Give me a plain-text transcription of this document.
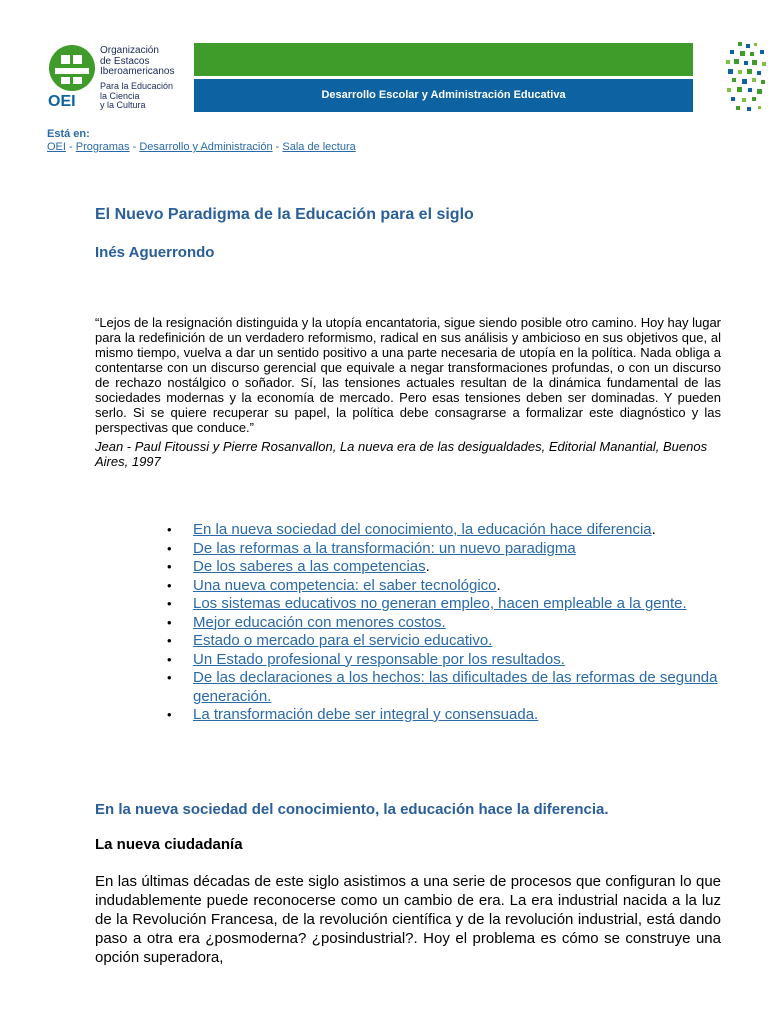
OEI
Organización
de Estacos
Iberoamericanos
Para la Educación
la Ciencia
y la Cultura
Desarrollo Escolar y Administración Educativa
Está en:
OEI - Programas - Desarrollo y Administración - Sala de lectura
El Nuevo Paradigma de la Educación para el siglo
Inés Aguerrondo

“Lejos de la resignación distinguida y la utopía encantatoria, sigue siendo posible otro camino. Hoy hay lugar para la redefinición de un verdadero reformismo, radical en sus análisis y ambicioso en sus objetivos que, al mismo tiempo, vuelva a dar un sentido positivo a una parte necesaria de utopía en la política. Nada obliga a contentarse con un discurso gerencial que equivale a negar transformaciones profundas, o con un discurso de rechazo nostálgico o soñador. Sí, las tensiones actuales resultan de la dinámica fundamental de las sociedades modernas y la economía de mercado. Pero esas tensiones deben ser dominadas. Y pueden serlo. Si se quiere recuperar su papel, la política debe consagrarse a formalizar este diagnóstico y las perspectivas que conduce.”

Jean - Paul Fitoussi y Pierre Rosanvallon, La nueva era de las desigualdades, Editorial Manantial, Buenos Aires, 1997

• En la nueva sociedad del conocimiento, la educación hace diferencia.
• De las reformas a la transformación: un nuevo paradigma
• De los saberes a las competencias.
• Una nueva competencia: el saber tecnológico.
• Los sistemas educativos no generan empleo, hacen empleable a la gente.
• Mejor educación con menores costos.
• Estado o mercado para el servicio educativo.
• Un Estado profesional y responsable por los resultados.
• De las declaraciones a los hechos: las dificultades de las reformas de segunda generación.
• La transformación debe ser integral y consensuada.
En la nueva sociedad del conocimiento, la educación hace la diferencia.
La nueva ciudadanía

En las últimas décadas de este siglo asistimos a una serie de procesos que configuran lo que indudablemente puede reconocerse como un cambio de era. La era industrial nacida a la luz de la Revolución Francesa, de la revolución científica y de la revolución industrial, está dando paso a otra era ¿posmoderna? ¿posindustrial?. Hoy el problema es cómo se construye una opción superadora,
